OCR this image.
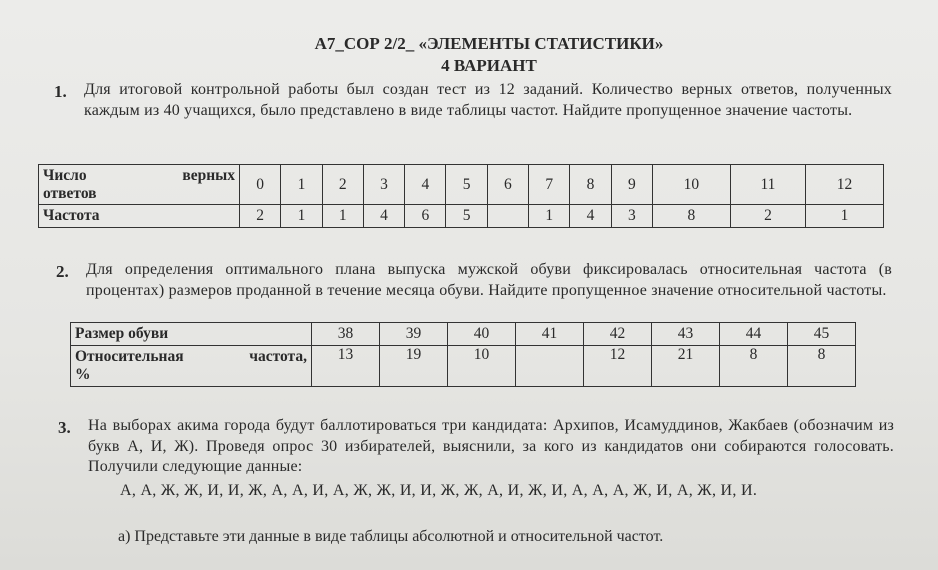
А7_СОР 2/2_ «ЭЛЕМЕНТЫ СТАТИСТИКИ»
4 ВАРИАНТ
1. Для итоговой контрольной работы был создан тест из 12 заданий. Количество верных ответов, полученных каждым из 40 учащихся, было представлено в виде таблицы частот. Найдите пропущенное значение частоты.
Число верных
ответов	0	1	2	3	4	5	6	7	8	9	10	11	12
Частота	2	1	1	4	6	5		1	4	3	8	2	1
2. Для определения оптимального плана выпуска мужской обуви фиксировалась относительная частота (в процентах) размеров проданной в течение месяца обуви. Найдите пропущенное значение относительной частоты.
Размер обуви	38	39	40	41	42	43	44	45

Относительная частота,
%	13	19	10		12	21	8	8
3. На выборах акима города будут баллотироваться три кандидата: Архипов, Исамуддинов, Жакбаев (обозначим из букв А, И, Ж). Проведя опрос 30 избирателей, выяснили, за кого из кандидатов они собираются голосовать. Получили следующие данные:
А, А, Ж, Ж, И, И, Ж, А, А, И, А, Ж, Ж, И, И, Ж, Ж, А, И, Ж, И, А, А, А, Ж, И, А, Ж, И, И.
а) Представьте эти данные в виде таблицы абсолютной и относительной частот.
